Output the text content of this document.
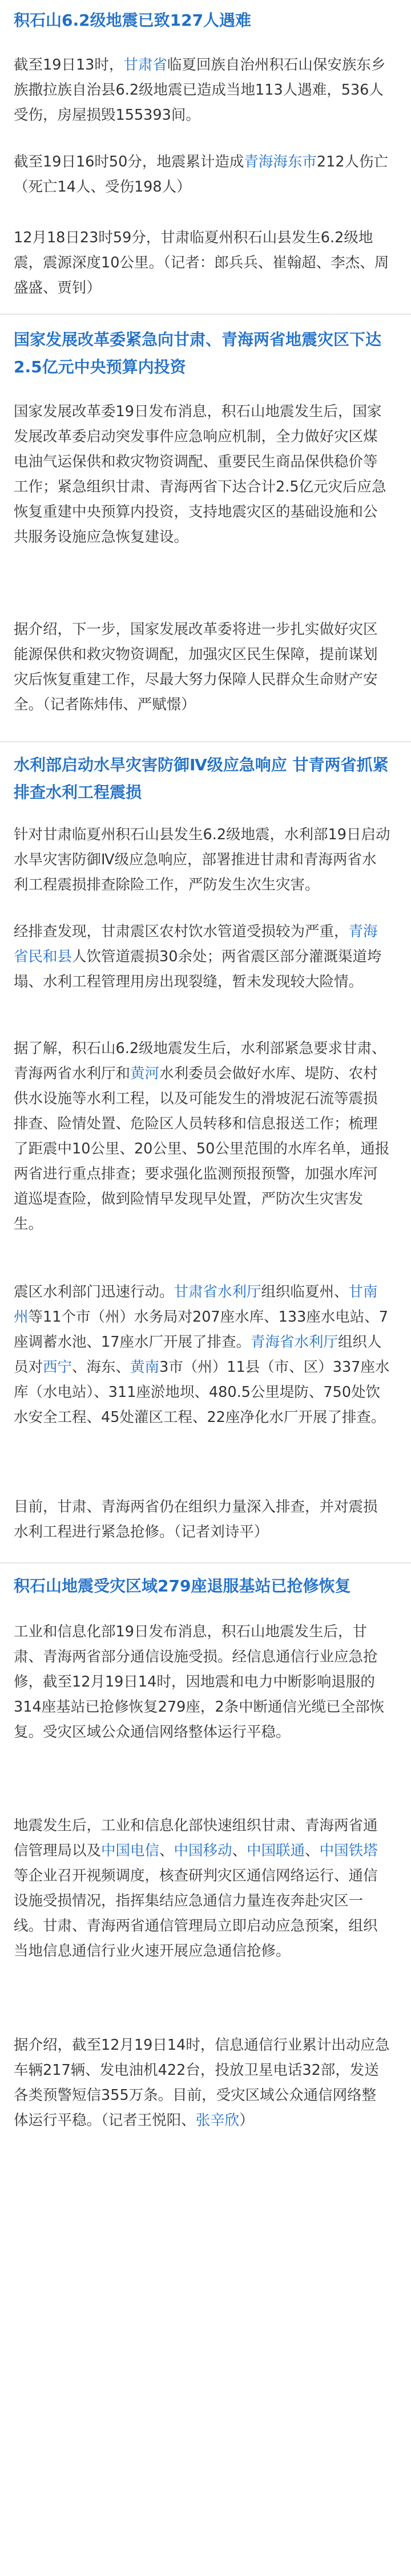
积石山6.2级地震已致127人遇难

截至19日13时，甘肃省临夏回族自治州积石山保安族东乡族撒拉族自治县6.2级地震已造成当地113人遇难，536人受伤，房屋损毁155393间。

截至19日16时50分，地震累计造成青海海东市212人伤亡（死亡14人、受伤198人）

12月18日23时59分，甘肃临夏州积石山县发生6.2级地震，震源深度10公里。（记者：郎兵兵、崔翰超、李杰、周盛盛、贾钊）

国家发展改革委紧急向甘肃、青海两省地震灾区下达2.5亿元中央预算内投资

国家发展改革委19日发布消息，积石山地震发生后，国家发展改革委启动突发事件应急响应机制，全力做好灾区煤电油气运保供和救灾物资调配、重要民生商品保供稳价等工作；紧急组织甘肃、青海两省下达合计2.5亿元灾后应急恢复重建中央预算内投资，支持地震灾区的基础设施和公共服务设施应急恢复建设。

据介绍，下一步，国家发展改革委将进一步扎实做好灾区能源保供和救灾物资调配，加强灾区民生保障，提前谋划灾后恢复重建工作，尽最大努力保障人民群众生命财产安全。（记者陈炜伟、严赋憬）

水利部启动水旱灾害防御Ⅳ级应急响应 甘青两省抓紧排查水利工程震损

针对甘肃临夏州积石山县发生6.2级地震，水利部19日启动水旱灾害防御Ⅳ级应急响应，部署推进甘肃和青海两省水利工程震损排查除险工作，严防发生次生灾害。

经排查发现，甘肃震区农村饮水管道受损较为严重，青海省民和县人饮管道震损30余处；两省震区部分灌溉渠道垮塌、水利工程管理用房出现裂缝，暂未发现较大险情。

据了解，积石山6.2级地震发生后，水利部紧急要求甘肃、青海两省水利厅和黄河水利委员会做好水库、堤防、农村供水设施等水利工程，以及可能发生的滑坡泥石流等震损排查、险情处置、危险区人员转移和信息报送工作；梳理了距震中10公里、20公里、50公里范围的水库名单，通报两省进行重点排查；要求强化监测预报预警，加强水库河道巡堤查险，做到险情早发现早处置，严防次生灾害发生。

震区水利部门迅速行动。甘肃省水利厅组织临夏州、甘南州等11个市（州）水务局对207座水库、133座水电站、7座调蓄水池、17座水厂开展了排查。青海省水利厅组织人员对西宁、海东、黄南3市（州）11县（市、区）337座水库（水电站）、311座淤地坝、480.5公里堤防、750处饮水安全工程、45处灌区工程、22座净化水厂开展了排查。

目前，甘肃、青海两省仍在组织力量深入排查，并对震损水利工程进行紧急抢修。（记者刘诗平）

积石山地震受灾区域279座退服基站已抢修恢复

工业和信息化部19日发布消息，积石山地震发生后，甘肃、青海两省部分通信设施受损。经信息通信行业应急抢修，截至12月19日14时，因地震和电力中断影响退服的314座基站已抢修恢复279座，2条中断通信光缆已全部恢复。受灾区域公众通信网络整体运行平稳。

地震发生后，工业和信息化部快速组织甘肃、青海两省通信管理局以及中国电信、中国移动、中国联通、中国铁塔等企业召开视频调度，核查研判灾区通信网络运行、通信设施受损情况，指挥集结应急通信力量连夜奔赴灾区一线。甘肃、青海两省通信管理局立即启动应急预案，组织当地信息通信行业火速开展应急通信抢修。

据介绍，截至12月19日14时，信息通信行业累计出动应急车辆217辆、发电油机422台，投放卫星电话32部，发送各类预警短信355万条。目前，受灾区域公众通信网络整体运行平稳。（记者王悦阳、张辛欣）
